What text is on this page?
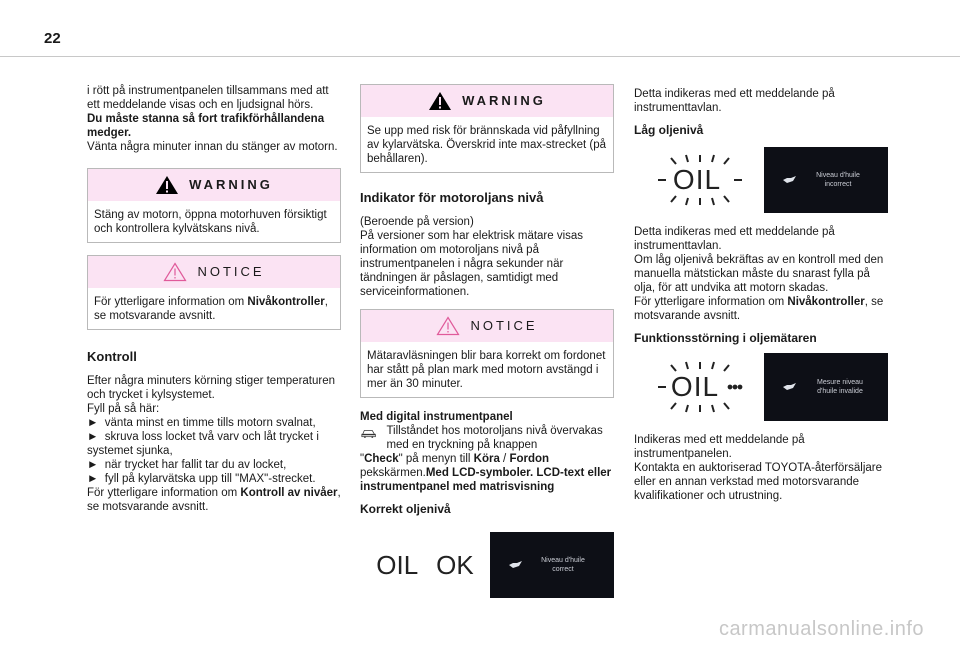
22

i rött på instrumentpanelen tillsammans med att ett meddelande visas och en ljudsignal hörs.
Du måste stanna så fort trafikförhållandena medger.
Vänta några minuter innan du stänger av motorn.

WARNING
Stäng av motorn, öppna motorhuven försiktigt och kontrollera kylvätskans nivå.
NOTICE
För ytterligare information om Nivåkontroller, se motsvarande avsnitt.
Kontroll

Efter några minuters körning stiger temperaturen och trycket i kylsystemet.
Fyll på så här:

► vänta minst en timme tills motorn svalnat,
► skruva loss locket två varv och låt trycket i systemet sjunka,
► när trycket har fallit tar du av locket,
► fyll på kylarvätska upp till "MAX"-strecket.

För ytterligare information om Kontroll av nivåer, se motsvarande avsnitt.

WARNING
Se upp med risk för brännskada vid påfyllning av kylarvätska. Överskrid inte max-strecket (på behållaren).
Indikator för motoroljans nivå

(Beroende på version)
På versioner som har elektrisk mätare visas information om motoroljans nivå på instrumentpanelen i några sekunder när tändningen är påslagen, samtidigt med serviceinformationen.

NOTICE
Mätaravläsningen blir bara korrekt om fordonet har stått på plan mark med motorn avstängd i mer än 30 minuter.
Med digital instrumentpanel
Tillståndet hos motoroljans nivå övervakas med en tryckning på knappen

"Check" på menyn till Köra / Fordon pekskärmen.Med LCD-symboler. LCD-text eller instrumentpanel med matrisvisning

Korrekt oljenivå
OIL OK	Niveau d'huile correct

Detta indikeras med ett meddelande på instrumenttavlan.

Låg oljenivå
OIL	Niveau d'huile incorrect

Detta indikeras med ett meddelande på instrumenttavlan.
Om låg oljenivå bekräftas av en kontroll med den manuella mätstickan måste du snarast fylla på olja, för att undvika att motorn skadas.
För ytterligare information om Nivåkontroller, se motsvarande avsnitt.

Funktionsstörning i oljemätaren
OIL	Mesure niveau d'huile invalide

Indikeras med ett meddelande på instrumentpanelen.
Kontakta en auktoriserad TOYOTA-återförsäljare eller en annan verkstad med motorsvarande kvalifikationer och utrustning.

carmanualsonline.info
